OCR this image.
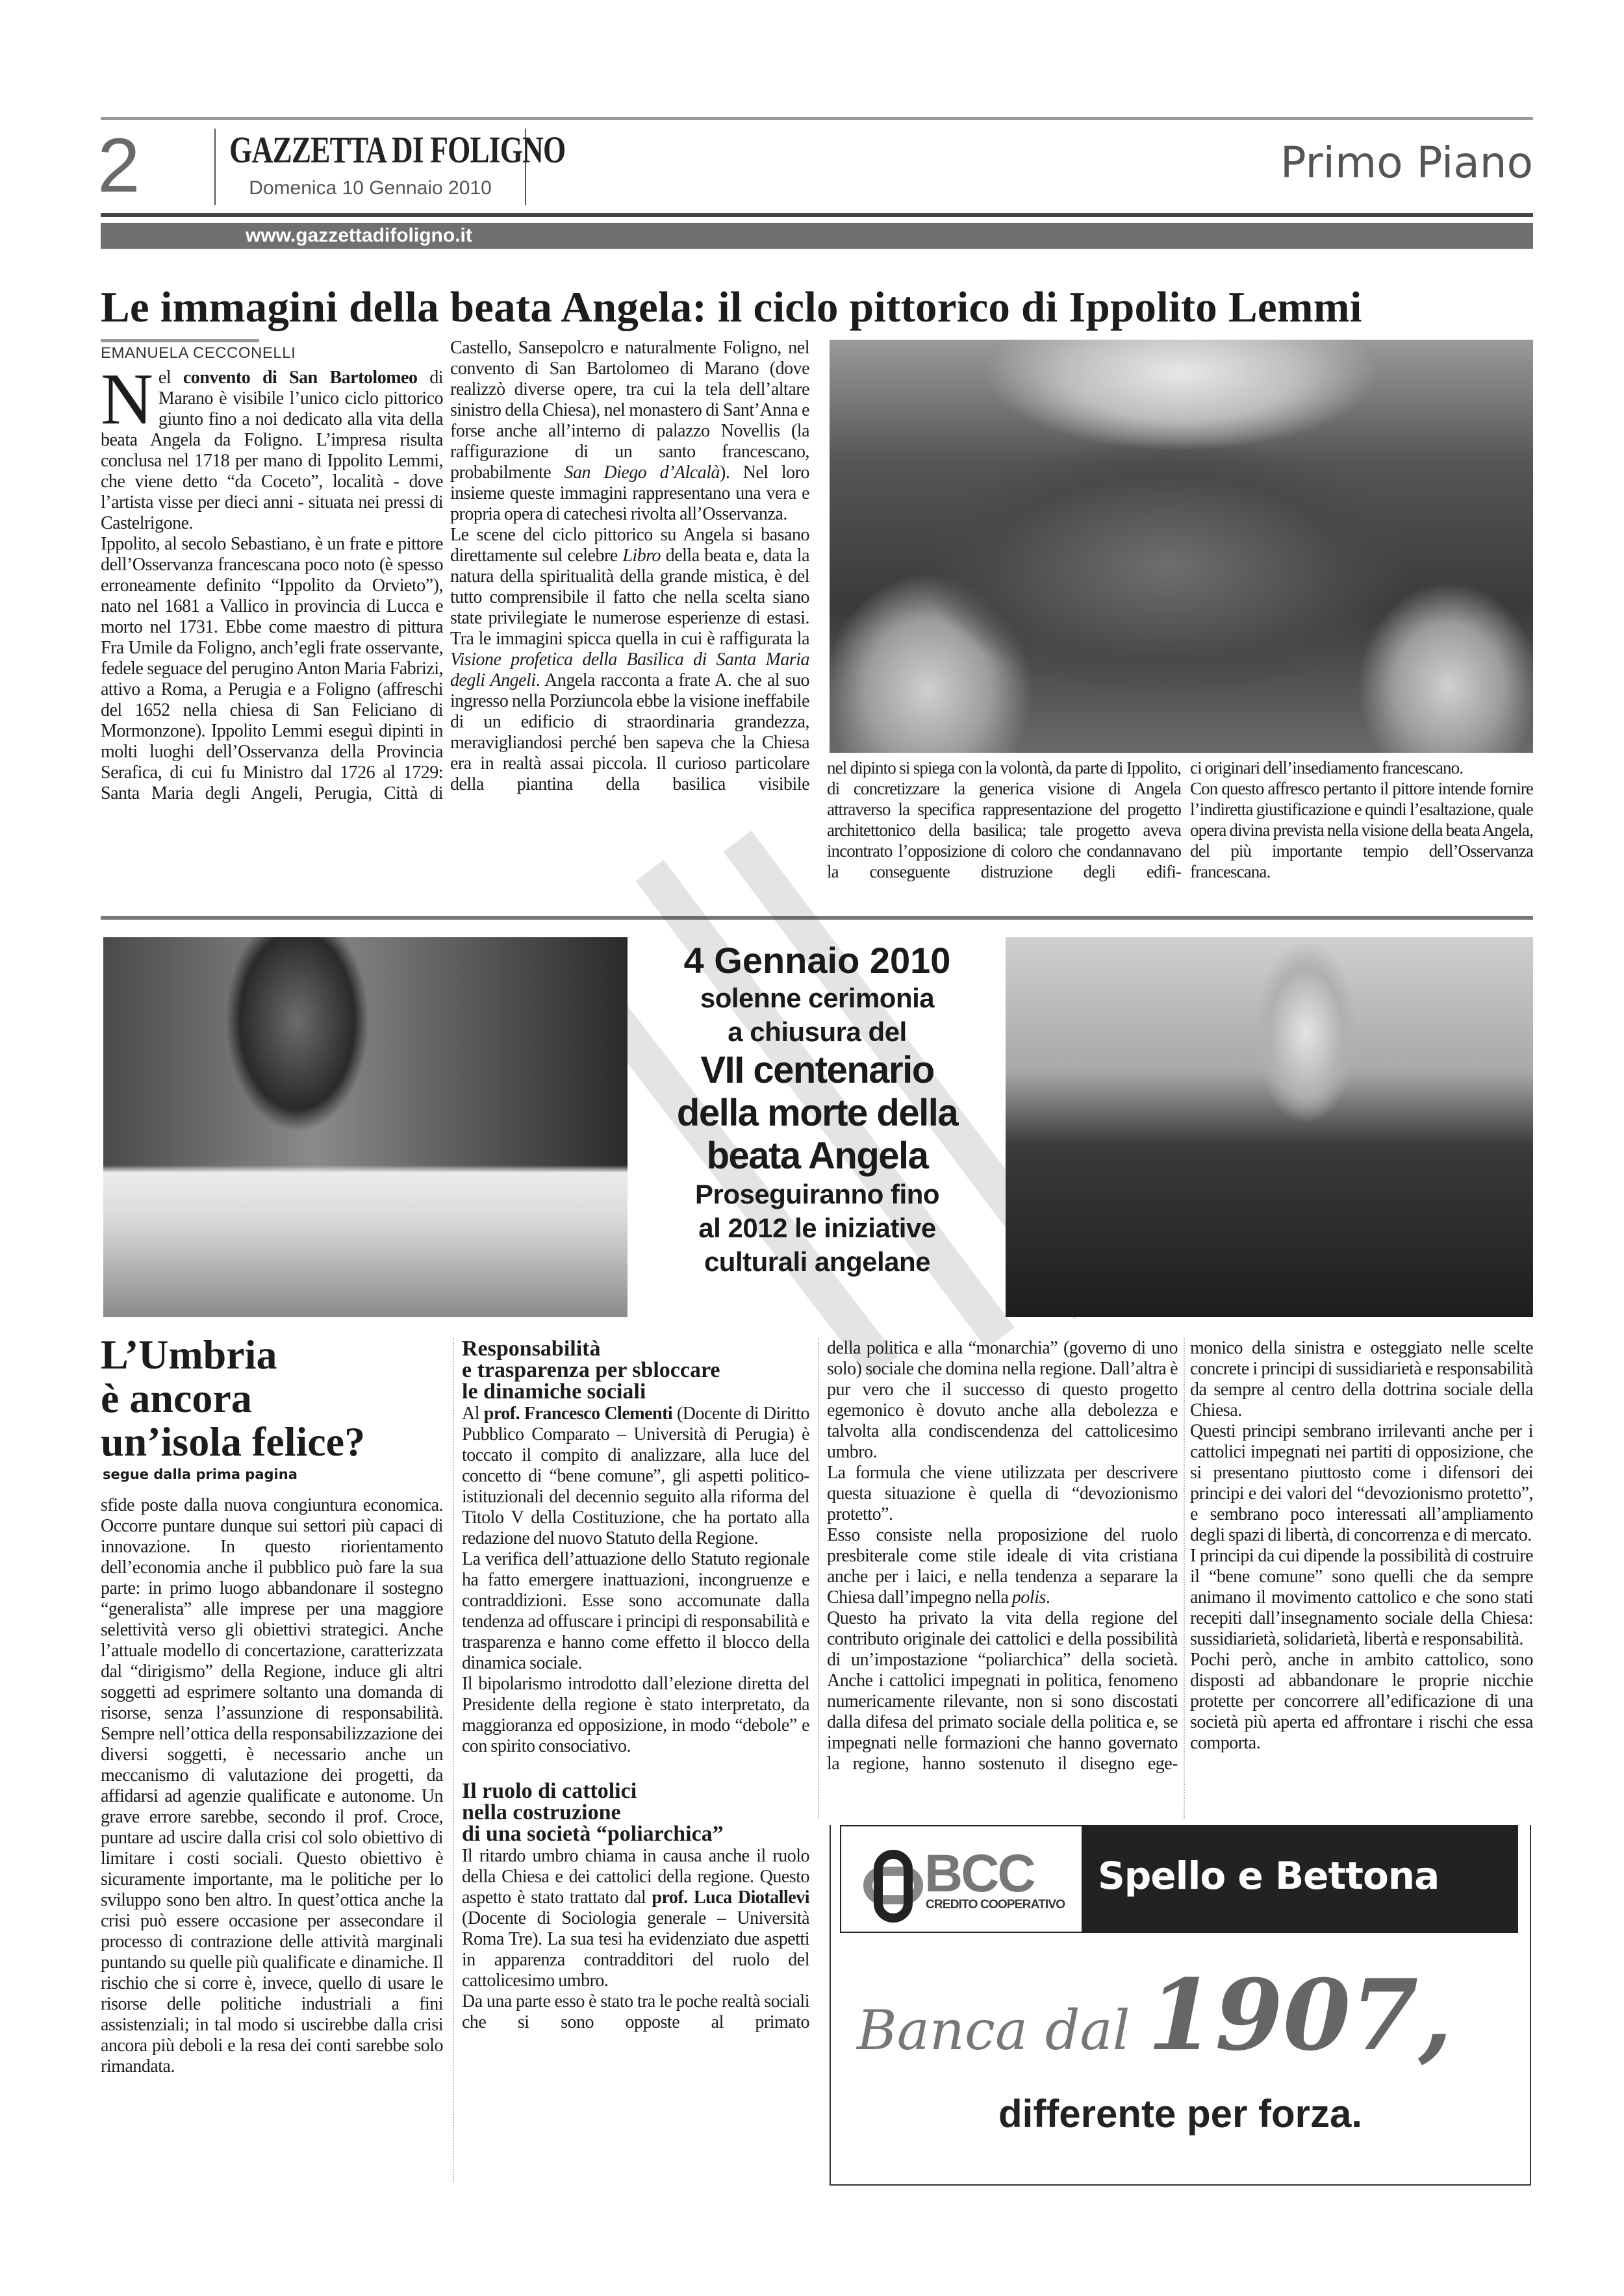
2 GAZZETTA DI FOLIGNO
Domenica 10 Gennaio 2010
Primo Piano
www.gazzettadifoligno.it
Le immagini della beata Angela: il ciclo pittorico di Ippolito Lemmi
EMANUELA CECCONELLI
N el convento di San Bartolomeo di Marano è visibile l’unico ciclo pittorico giunto fino a noi dedicato alla vita della beata Angela da Foligno. L’impresa risulta conclusa nel 1718 per mano di Ippolito Lemmi, che viene detto “da Coceto”, località - dove l’artista visse per dieci anni - situata nei pressi di Castelrigone.

Ippolito, al secolo Sebastiano, è un frate e pittore dell’Osservanza francescana poco noto (è spesso erroneamente definito “Ippolito da Orvieto”), nato nel 1681 a Vallico in provincia di Lucca e morto nel 1731. Ebbe come maestro di pittura Fra Umile da Foligno, anch’egli frate osservante, fedele seguace del perugino Anton Maria Fabrizi, attivo a Roma, a Perugia e a Foligno (affreschi del 1652 nella chiesa di San Feliciano di Mormonzone). Ippolito Lemmi eseguì dipinti in molti luoghi dell’Osservanza della Provincia Serafica, di cui fu Ministro dal 1726 al 1729: Santa Maria degli Angeli, Perugia, Città di

Castello, Sansepolcro e naturalmente Foligno, nel convento di San Bartolomeo di Marano (dove realizzò diverse opere, tra cui la tela dell’altare sinistro della Chiesa), nel monastero di Sant’Anna e forse anche all’interno di palazzo Novellis (la raffigurazione di un santo francescano, probabilmente San Diego d’Alcalà). Nel loro insieme queste immagini rappresentano una vera e propria opera di catechesi rivolta all’Osservanza.

Le scene del ciclo pittorico su Angela si basano direttamente sul celebre Libro della beata e, data la natura della spiritualità della grande mistica, è del tutto comprensibile il fatto che nella scelta siano state privilegiate le numerose esperienze di estasi. Tra le immagini spicca quella in cui è raffigurata la Visione profetica della Basilica di Santa Maria degli Angeli. Angela racconta a frate A. che al suo ingresso nella Porziuncola ebbe la visione ineffabile di un edificio di straordinaria grandezza, meravigliandosi perché ben sapeva che la Chiesa era in realtà assai piccola. Il curioso particolare della piantina della basilica visibile

nel dipinto si spiega con la volontà, da parte di Ippolito, di concretizzare la generica visione di Angela attraverso la specifica rappresentazione del progetto architettonico della basilica; tale progetto aveva incontrato l’opposizione di coloro che condannavano la conseguente distruzione degli edifi-

ci originari dell’insediamento francescano.

Con questo affresco pertanto il pittore intende fornire l’indiretta giustificazione e quindi l’esaltazione, quale opera divina prevista nella visione della beata Angela, del più importante tempio dell’Osservanza francescana.

4 Gennaio 2010
solenne cerimonia
a chiusura del
VII centenario
della morte della
beata Angela
Proseguiranno fino
al 2012 le iniziative
culturali angelane
L’Umbria
è ancora
un’isola felice?
segue dalla prima pagina

sfide poste dalla nuova congiuntura economica. Occorre puntare dunque sui settori più capaci di innovazione. In questo riorientamento dell’economia anche il pubblico può fare la sua parte: in primo luogo abbandonare il sostegno “generalista” alle imprese per una maggiore selettività verso gli obiettivi strategici. Anche l’attuale modello di concertazione, caratterizzata dal “dirigismo” della Regione, induce gli altri soggetti ad esprimere soltanto una domanda di risorse, senza l’assunzione di responsabilità. Sempre nell’ottica della responsabilizzazione dei diversi soggetti, è necessario anche un meccanismo di valutazione dei progetti, da affidarsi ad agenzie qualificate e autonome. Un grave errore sarebbe, secondo il prof. Croce, puntare ad uscire dalla crisi col solo obiettivo di limitare i costi sociali. Questo obiettivo è sicuramente importante, ma le politiche per lo sviluppo sono ben altro. In quest’ottica anche la crisi può essere occasione per assecondare il processo di contrazione delle attività marginali puntando su quelle più qualificate e dinamiche. Il rischio che si corre è, invece, quello di usare le risorse delle politiche industriali a fini assistenziali; in tal modo si uscirebbe dalla crisi ancora più deboli e la resa dei conti sarebbe solo rimandata.

Responsabilità
e trasparenza per sbloccare
le dinamiche sociali

Al prof. Francesco Clementi (Docente di Diritto Pubblico Comparato – Università di Perugia) è toccato il compito di analizzare, alla luce del concetto di “bene comune”, gli aspetti politico-istituzionali del decennio seguito alla riforma del Titolo V della Costituzione, che ha portato alla redazione del nuovo Statuto della Regione.

La verifica dell’attuazione dello Statuto regionale ha fatto emergere inattuazioni, incongruenze e contraddizioni. Esse sono accomunate dalla tendenza ad offuscare i principi di responsabilità e trasparenza e hanno come effetto il blocco della dinamica sociale.

Il bipolarismo introdotto dall’elezione diretta del Presidente della regione è stato interpretato, da maggioranza ed opposizione, in modo “debole” e con spirito consociativo.

Il ruolo di cattolici
nella costruzione
di una società “poliarchica”

Il ritardo umbro chiama in causa anche il ruolo della Chiesa e dei cattolici della regione. Questo aspetto è stato trattato dal prof. Luca Diotallevi (Docente di Sociologia generale – Università Roma Tre). La sua tesi ha evidenziato due aspetti in apparenza contradditori del ruolo del cattolicesimo umbro.

Da una parte esso è stato tra le poche realtà sociali che si sono opposte al primato

della politica e alla “monarchia” (governo di uno solo) sociale che domina nella regione. Dall’altra è pur vero che il successo di questo progetto egemonico è dovuto anche alla debolezza e talvolta alla condiscendenza del cattolicesimo umbro.

La formula che viene utilizzata per descrivere questa situazione è quella di “devozionismo protetto”.

Esso consiste nella proposizione del ruolo presbiterale come stile ideale di vita cristiana anche per i laici, e nella tendenza a separare la Chiesa dall’impegno nella polis.

Questo ha privato la vita della regione del contributo originale dei cattolici e della possibilità di un’impostazione “poliarchica” della società. Anche i cattolici impegnati in politica, fenomeno numericamente rilevante, non si sono discostati dalla difesa del primato sociale della politica e, se impegnati nelle formazioni che hanno governato la regione, hanno sostenuto il disegno ege-

monico della sinistra e osteggiato nelle scelte concrete i principi di sussidiarietà e responsabilità da sempre al centro della dottrina sociale della Chiesa.

Questi principi sembrano irrilevanti anche per i cattolici impegnati nei partiti di opposizione, che si presentano piuttosto come i difensori dei principi e dei valori del “devozionismo protetto”, e sembrano poco interessati all’ampliamento degli spazi di libertà, di concorrenza e di mercato.

I principi da cui dipende la possibilità di costruire il “bene comune” sono quelli che da sempre animano il movimento cattolico e che sono stati recepiti dall’insegnamento sociale della Chiesa: sussidiarietà, solidarietà, libertà e responsabilità.

Pochi però, anche in ambito cattolico, sono disposti ad abbandonare le proprie nicchie protette per concorrere all’edificazione di una società più aperta ed affrontare i rischi che essa comporta.

BCC
CREDITO COOPERATIVO
Spello e Bettona
Banca dal 1907,
differente per forza.
